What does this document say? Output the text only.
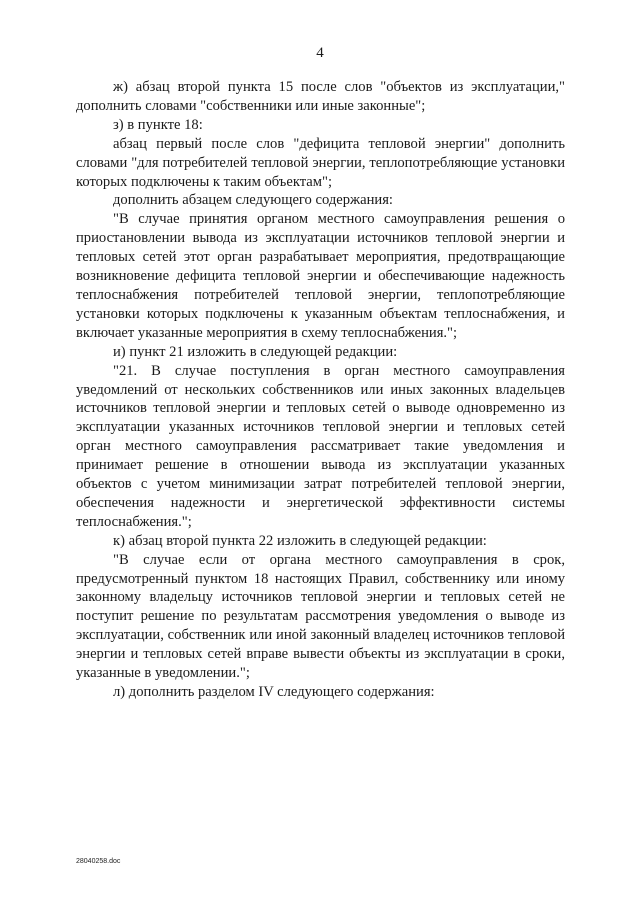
4

ж) абзац второй пункта 15 после слов "объектов из эксплуатации," дополнить словами "собственники или иные законные";

з) в пункте 18:

абзац первый после слов "дефицита тепловой энергии" дополнить словами "для потребителей тепловой энергии, теплопотребляющие установки которых подключены к таким объектам";

дополнить абзацем следующего содержания:

"В случае принятия органом местного самоуправления решения о приостановлении вывода из эксплуатации источников тепловой энергии и тепловых сетей этот орган разрабатывает мероприятия, предотвращающие возникновение дефицита тепловой энергии и обеспечивающие надежность теплоснабжения потребителей тепловой энергии, теплопотребляющие установки которых подключены к указанным объектам теплоснабжения, и включает указанные мероприятия в схему теплоснабжения.";

и) пункт 21 изложить в следующей редакции:

"21. В случае поступления в орган местного самоуправления уведомлений от нескольких собственников или иных законных владельцев источников тепловой энергии и тепловых сетей о выводе одновременно из эксплуатации указанных источников тепловой энергии и тепловых сетей орган местного самоуправления рассматривает такие уведомления и принимает решение в отношении вывода из эксплуатации указанных объектов с учетом минимизации затрат потребителей тепловой энергии, обеспечения надежности и энергетической эффективности системы теплоснабжения.";

к) абзац второй пункта 22 изложить в следующей редакции:

"В случае если от органа местного самоуправления в срок, предусмотренный пунктом 18 настоящих Правил, собственнику или иному законному владельцу источников тепловой энергии и тепловых сетей не поступит решение по результатам рассмотрения уведомления о выводе из эксплуатации, собственник или иной законный владелец источников тепловой энергии и тепловых сетей вправе вывести объекты из эксплуатации в сроки, указанные в уведомлении.";

л) дополнить разделом IV следующего содержания:

28040258.doc
